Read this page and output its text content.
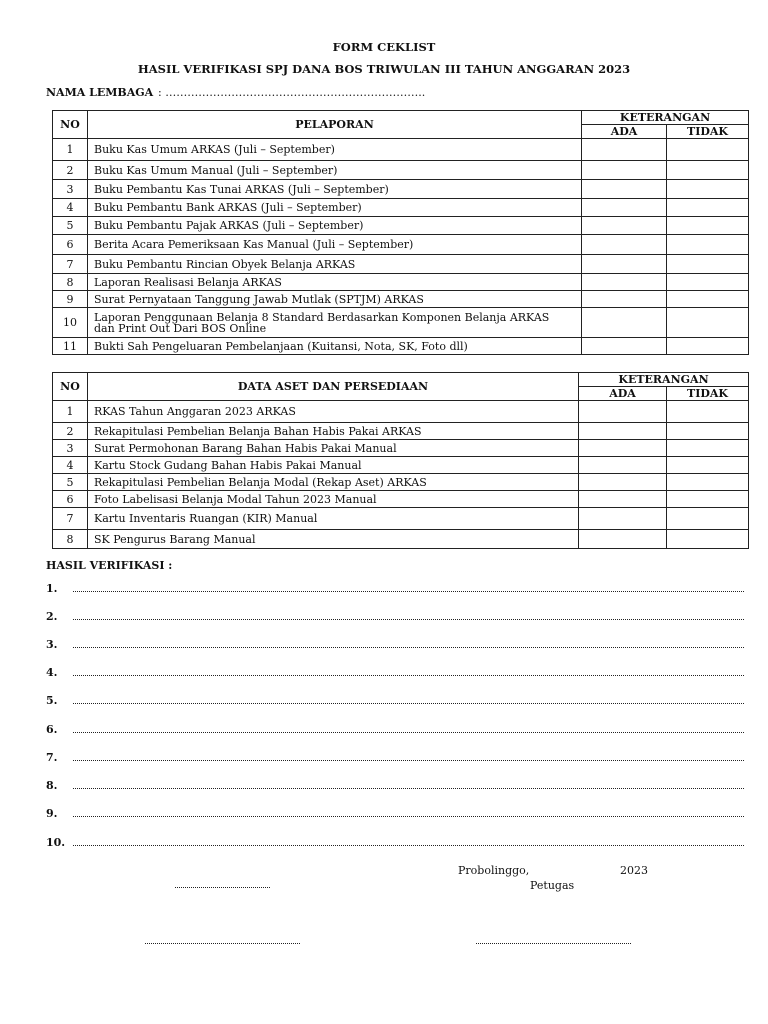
FORM CEKLIST
HASIL VERIFIKASI SPJ DANA BOS TRIWULAN III TAHUN ANGGARAN 2023
NAMA LEMBAGA : ……………………………………………………………..
NO	PELAPORAN	KETERANGAN	
		ADA	TIDAK
1	Buku Kas Umum ARKAS (Juli – September)		
2	Buku Kas Umum Manual (Juli – September)		
3	Buku Pembantu Kas Tunai ARKAS (Juli – September)		
4	Buku Pembantu Bank ARKAS (Juli – September)		
5	Buku Pembantu Pajak ARKAS (Juli – September)		
6	Berita Acara Pemeriksaan Kas Manual (Juli – September)		
7	Buku Pembantu Rincian Obyek Belanja ARKAS		
8	Laporan Realisasi Belanja ARKAS		
9	Surat Pernyataan Tanggung Jawab Mutlak (SPTJM) ARKAS		
10	Laporan Penggunaan Belanja 8 Standard Berdasarkan Komponen Belanja ARKAS
dan Print Out Dari BOS Online		

11	Bukti Sah Pengeluaran Pembelanjaan (Kuitansi, Nota, SK, Foto dll)		
NO	DATA ASET DAN PERSEDIAAN	KETERANGAN	
		ADA	TIDAK
1	RKAS Tahun Anggaran 2023 ARKAS		
2	Rekapitulasi Pembelian Belanja Bahan Habis Pakai ARKAS		
3	Surat Permohonan Barang Bahan Habis Pakai Manual		
4	Kartu Stock Gudang Bahan Habis Pakai Manual		
5	Rekapitulasi Pembelian Belanja Modal (Rekap Aset) ARKAS		
6	Foto Labelisasi Belanja Modal Tahun 2023 Manual		
7	Kartu Inventaris Ruangan (KIR) Manual		
8	SK Pengurus Barang Manual		
HASIL VERIFIKASI :
1.
2.
3.
4.
5.
6.
7.
8.
9.
10.
Probolinggo,	2023
Petugas
